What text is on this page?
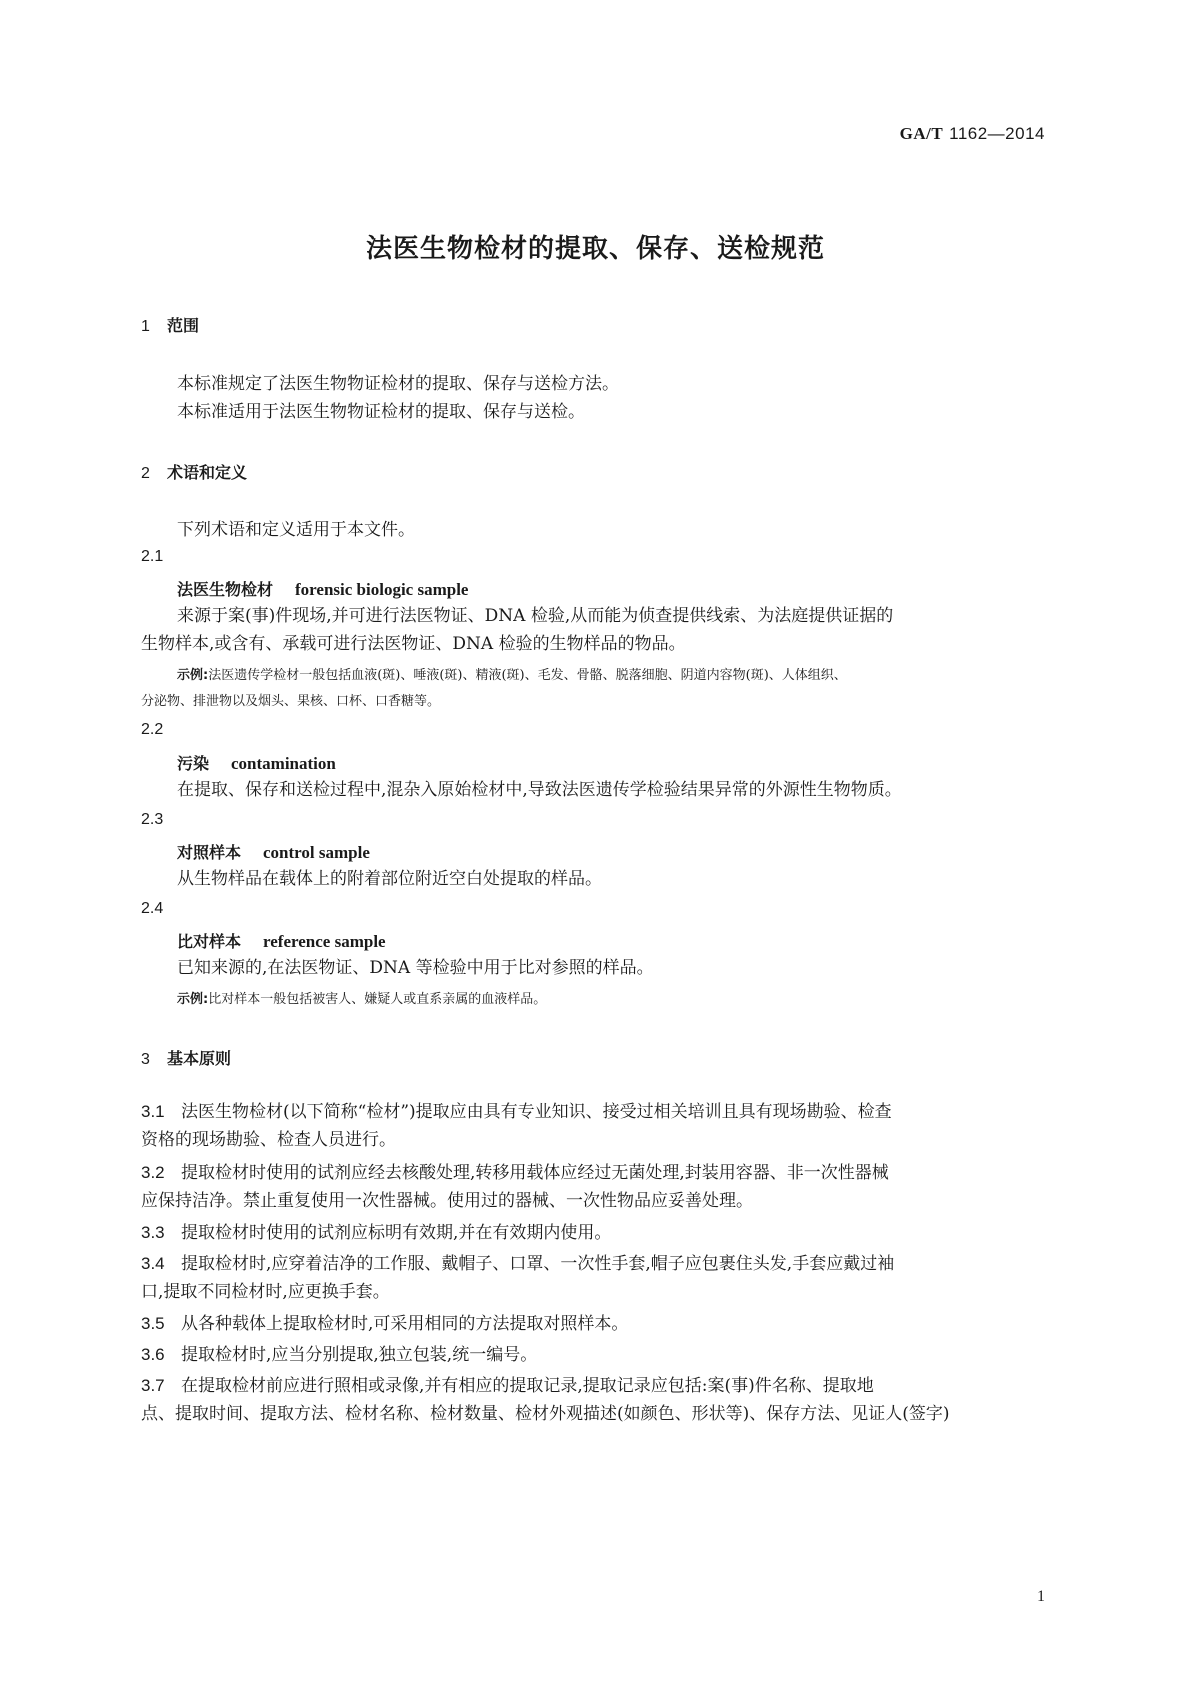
GA/T 1162—2014
法医生物检材的提取、保存、送检规范
1 范围
本标准规定了法医生物物证检材的提取、保存与送检方法。
本标准适用于法医生物物证检材的提取、保存与送检。
2 术语和定义
下列术语和定义适用于本文件。
2.1
法医生物检材 forensic biologic sample
来源于案(事)件现场,并可进行法医物证、DNA 检验,从而能为侦查提供线索、为法庭提供证据的
生物样本,或含有、承载可进行法医物证、DNA 检验的生物样品的物品。
示例:法医遗传学检材一般包括血液(斑)、唾液(斑)、精液(斑)、毛发、骨骼、脱落细胞、阴道内容物(斑)、人体组织、
分泌物、排泄物以及烟头、果核、口杯、口香糖等。
2.2
污染 contamination
在提取、保存和送检过程中,混杂入原始检材中,导致法医遗传学检验结果异常的外源性生物物质。
2.3
对照样本 control sample
从生物样品在载体上的附着部位附近空白处提取的样品。
2.4
比对样本 reference sample
已知来源的,在法医物证、DNA 等检验中用于比对参照的样品。
示例:比对样本一般包括被害人、嫌疑人或直系亲属的血液样品。
3 基本原则
3.1 法医生物检材(以下简称“检材”)提取应由具有专业知识、接受过相关培训且具有现场勘验、检查
资格的现场勘验、检查人员进行。
3.2 提取检材时使用的试剂应经去核酸处理,转移用载体应经过无菌处理,封装用容器、非一次性器械
应保持洁净。禁止重复使用一次性器械。使用过的器械、一次性物品应妥善处理。
3.3 提取检材时使用的试剂应标明有效期,并在有效期内使用。
3.4 提取检材时,应穿着洁净的工作服、戴帽子、口罩、一次性手套,帽子应包裹住头发,手套应戴过袖
口,提取不同检材时,应更换手套。
3.5 从各种载体上提取检材时,可采用相同的方法提取对照样本。
3.6 提取检材时,应当分别提取,独立包装,统一编号。
3.7 在提取检材前应进行照相或录像,并有相应的提取记录,提取记录应包括:案(事)件名称、提取地
点、提取时间、提取方法、检材名称、检材数量、检材外观描述(如颜色、形状等)、保存方法、见证人(签字)
1
